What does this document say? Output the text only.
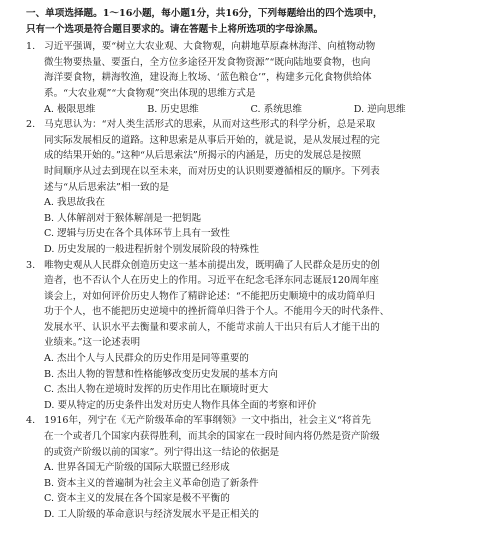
一、单项选择题。1～16小题，每小题1分，共16分，下列每题给出的四个选项中，

只有一个选项是符合题目要求的。请在答题卡上将所选项的字母涂黑。

1. 习近平强调，要“树立大农业观、大食物观，向耕地草原森林海洋、向植物动物

微生物要热量、要蛋白，全方位多途径开发食物资源”“既向陆地要食物，也向

海洋要食物，耕海牧渔，建设海上牧场、‘蓝色粮仓’”，构建多元化食物供给体

系。“大农业观”“大食物观”突出体现的思维方式是

A. 极限思维	B. 历史思维	C. 系统思维	D. 逆向思维

2. 马克思认为：“对人类生活形式的思索，从而对这些形式的科学分析，总是采取

同实际发展相反的道路。这种思索是从事后开始的，就是说，是从发展过程的完

成的结果开始的。”这种“从后思索法”所揭示的内涵是，历史的发展总是按照

时间顺序从过去到现在以至未来，而对历史的认识则要遵循相反的顺序。下列表

述与“从后思索法”相一致的是

A. 我思故我在

B. 人体解剖对于猴体解剖是一把钥匙

C. 逻辑与历史在各个具体环节上具有一致性

D. 历史发展的一般进程折射个别发展阶段的特殊性

3. 唯物史观从人民群众创造历史这一基本前提出发，既明确了人民群众是历史的创

造者，也不否认个人在历史上的作用。习近平在纪念毛泽东同志诞辰120周年座

谈会上，对如何评价历史人物作了精辟论述：“不能把历史顺境中的成功简单归

功于个人，也不能把历史逆境中的挫折简单归咎于个人。不能用今天的时代条件、

发展水平、认识水平去衡量和要求前人，不能苛求前人干出只有后人才能干出的

业绩来。”这一论述表明

A. 杰出个人与人民群众的历史作用是同等重要的

B. 杰出人物的智慧和性格能够改变历史发展的基本方向

C. 杰出人物在逆境时发挥的历史作用比在顺境时更大

D. 要从特定的历史条件出发对历史人物作具体全面的考察和评价

4. 1916年，列宁在《无产阶级革命的军事纲领》一文中指出，社会主义“将首先

在一个或者几个国家内获得胜利，而其余的国家在一段时间内将仍然是资产阶级

的或资产阶级以前的国家”。列宁得出这一结论的依据是

A. 世界各国无产阶级的国际大联盟已经形成

B. 资本主义的普遍制为社会主义革命创造了新条件

C. 资本主义的发展在各个国家是极不平衡的

D. 工人阶级的革命意识与经济发展水平是正相关的
